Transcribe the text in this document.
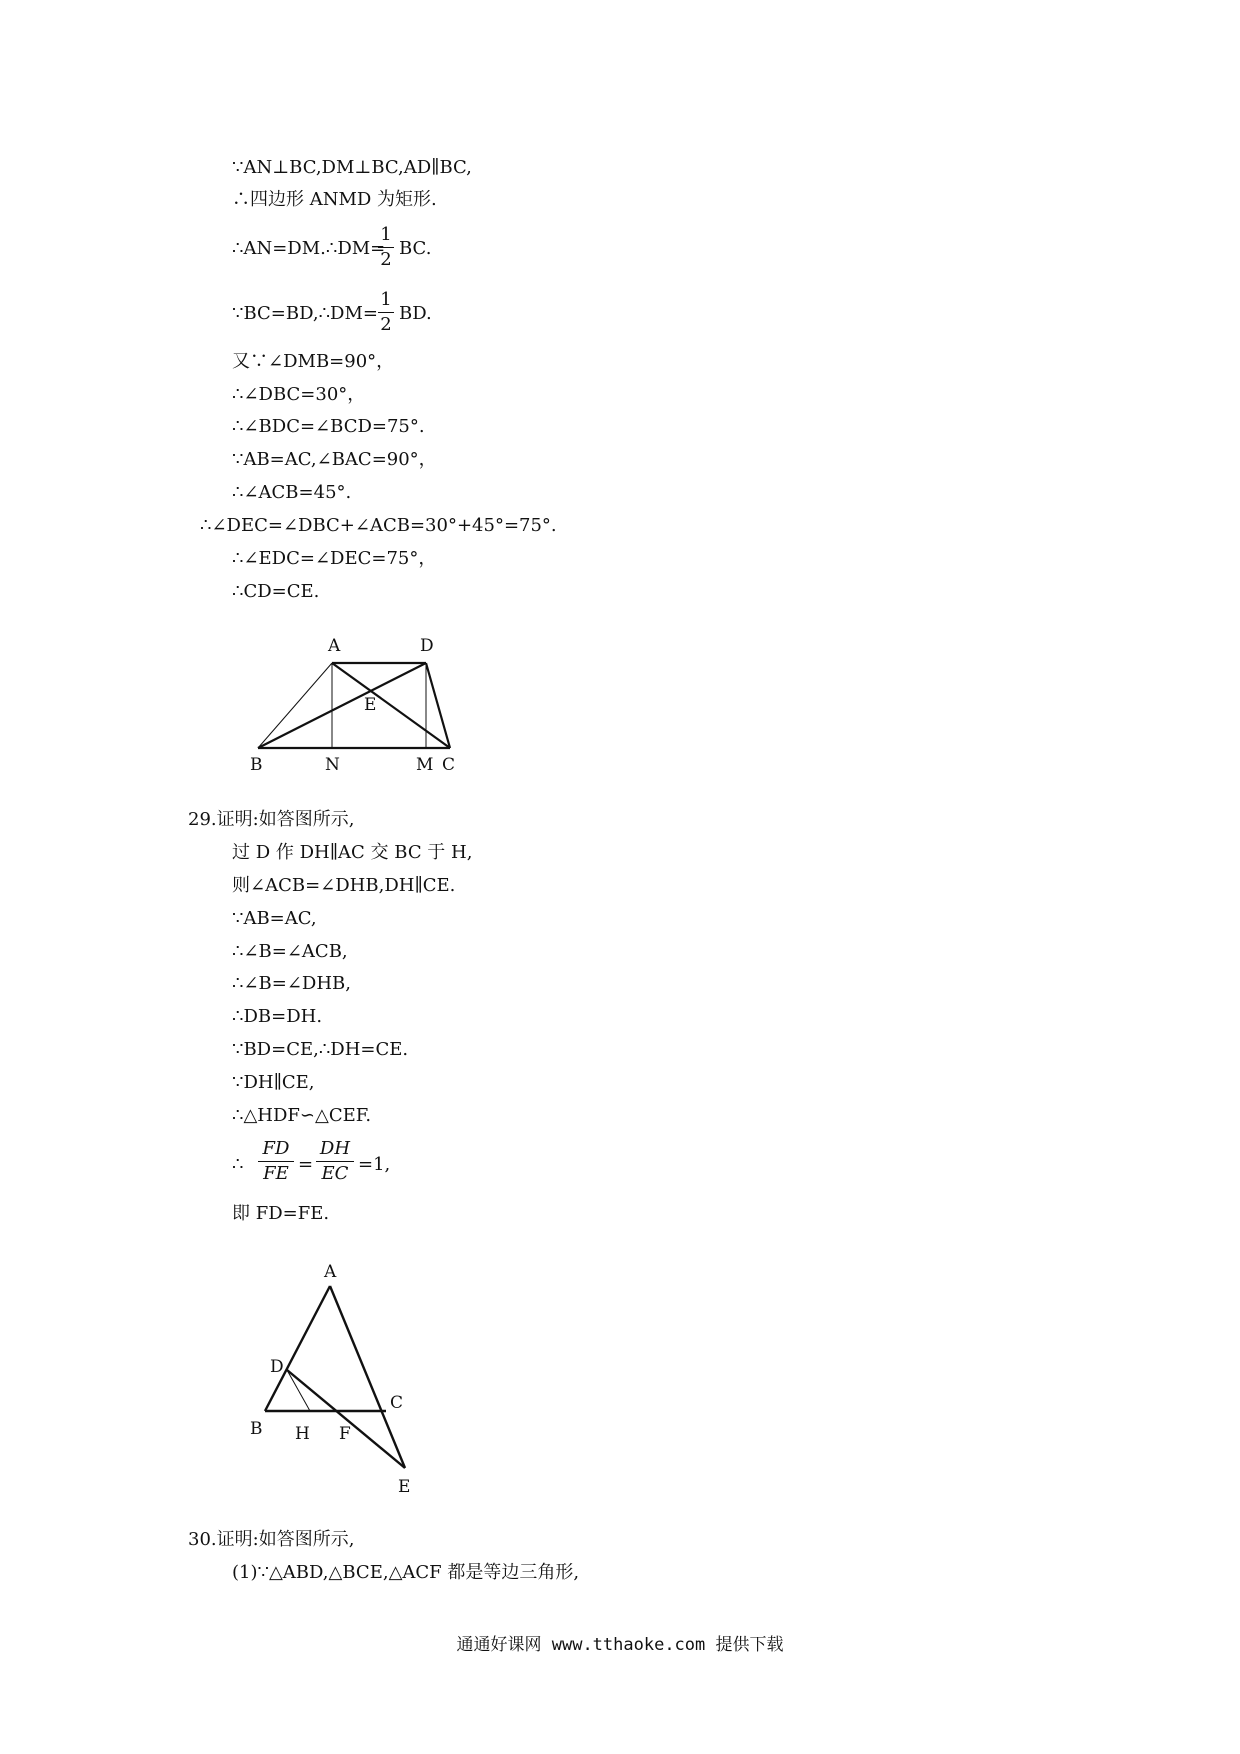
∵AN⊥BC,DM⊥BC,AD∥BC,
∴四边形 ANMD 为矩形.
∴AN=DM.∴DM=
1
2
BC.
∵BC=BD,∴DM=
1
2
BD.
又∵∠DMB=90°，
∴∠DBC=30°，
∴∠BDC=∠BCD=75°.
∵AB=AC,∠BAC=90°，
∴∠ACB=45°.
∴∠DEC=∠DBC+∠ACB=30°+45°=75°.
∴∠EDC=∠DEC=75°，
∴CD=CE.
A	D
E
B	N	M C
29.证明:如答图所示,
过 D 作 DH∥AC 交 BC 于 H,
则∠ACB=∠DHB,DH∥CE.
∵AB=AC,
∴∠B=∠ACB,
∴∠B=∠DHB,
∴DB=DH.
∵BD=CE,∴DH=CE.
∵DH∥CE,
∴△HDF∽△CEF.
∴
FD
FE =
DH
EC =1,
即 FD=FE.
A
D
B H F
C
E
30.证明:如答图所示,
(1)∵△ABD,△BCE,△ACF 都是等边三角形,
通通好课网 www.tthaoke.com 提供下载
